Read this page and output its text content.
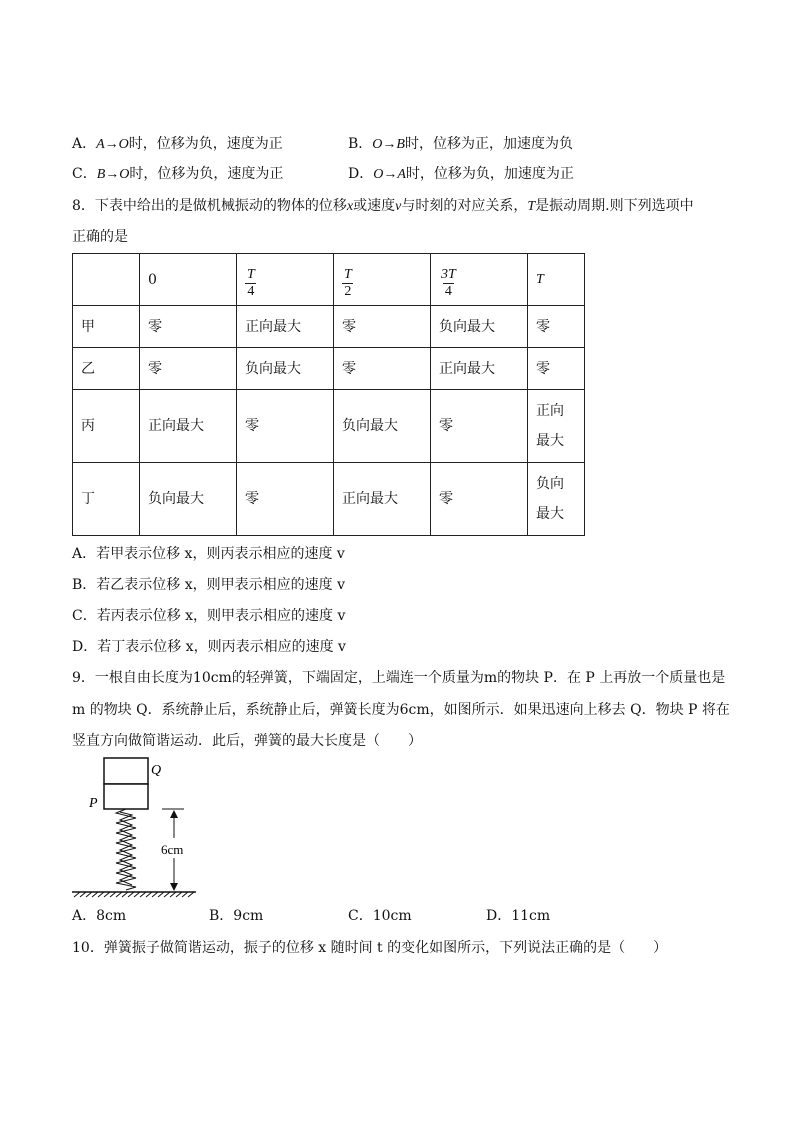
A．A→O时，位移为负，速度为正	B．O→B时，位移为正，加速度为负
C．B→O时，位移为负，速度为正	D．O→A时，位移为负，加速度为正
8．下表中给出的是做机械振动的物体的位移x或速度v与时刻的对应关系，T是振动周期.则下列选项中
正确的是
	0	$\frac{T}{4}$	$\frac{T}{2}$	$\frac{3T}{4}$	T
甲	零	正向最大	零	负向最大	零
乙	零	负向最大	零	正向最大	零
丙	正向最大	零	负向最大	零	正向最大

丁	负向最大	零	正向最大	零	负向最大
A．若甲表示位移 x，则丙表示相应的速度 v
B．若乙表示位移 x，则甲表示相应的速度 v
C．若丙表示位移 x，则甲表示相应的速度 v
D．若丁表示位移 x，则丙表示相应的速度 v
9．一根自由长度为10cm的轻弹簧，下端固定，上端连一个质量为m的物块 P．在 P 上再放一个质量也是
m 的物块 Q．系统静止后，系统静止后，弹簧长度为6cm，如图所示．如果迅速向上移去 Q．物块 P 将在
竖直方向做简谐运动．此后，弹簧的最大长度是（　　）
Q
P
6cm
A．8cm	B．9cm	C．10cm	D．11cm
10．弹簧振子做简谐运动，振子的位移 x 随时间 t 的变化如图所示，下列说法正确的是（　　）
